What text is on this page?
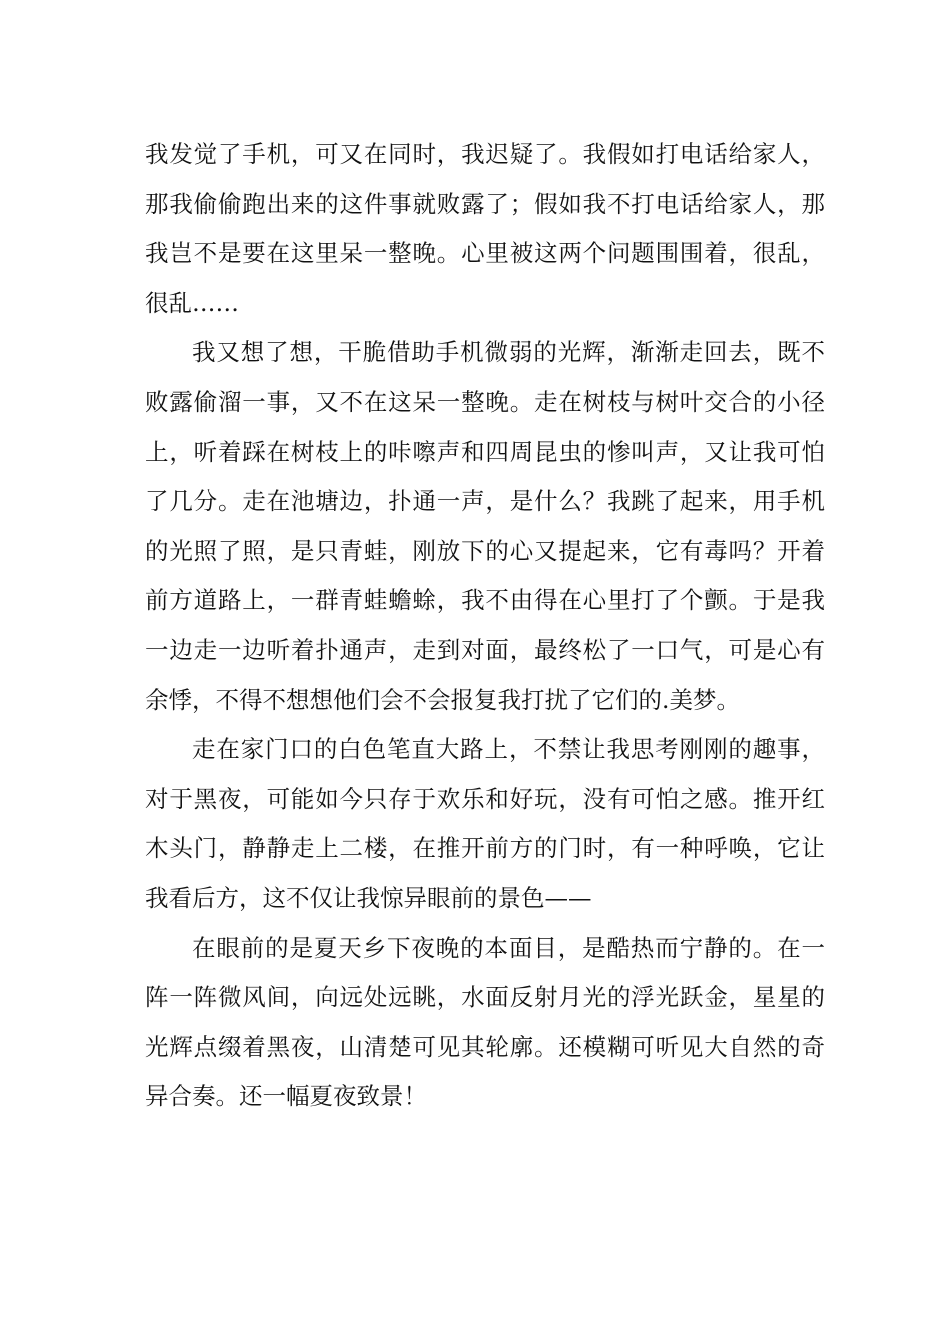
我发觉了手机，可又在同时，我迟疑了。我假如打电话给家人，那我偷偷跑出来的这件事就败露了；假如我不打电话给家人，那我岂不是要在这里呆一整晚。心里被这两个问题围围着，很乱，很乱……

我又想了想，干脆借助手机微弱的光辉，渐渐走回去，既不败露偷溜一事，又不在这呆一整晚。走在树枝与树叶交合的小径上，听着踩在树枝上的咔嚓声和四周昆虫的惨叫声，又让我可怕了几分。走在池塘边，扑通一声，是什么？我跳了起来，用手机的光照了照，是只青蛙，刚放下的心又提起来，它有毒吗？开着前方道路上，一群青蛙蟾蜍，我不由得在心里打了个颤。于是我一边走一边听着扑通声，走到对面，最终松了一口气，可是心有余悸，不得不想想他们会不会报复我打扰了它们的.美梦。

走在家门口的白色笔直大路上，不禁让我思考刚刚的趣事，对于黑夜，可能如今只存于欢乐和好玩，没有可怕之感。推开红木头门，静静走上二楼，在推开前方的门时，有一种呼唤，它让我看后方，这不仅让我惊异眼前的景色——

在眼前的是夏天乡下夜晚的本面目，是酷热而宁静的。在一阵一阵微风间，向远处远眺，水面反射月光的浮光跃金，星星的光辉点缀着黑夜，山清楚可见其轮廓。还模糊可听见大自然的奇异合奏。还一幅夏夜致景！
